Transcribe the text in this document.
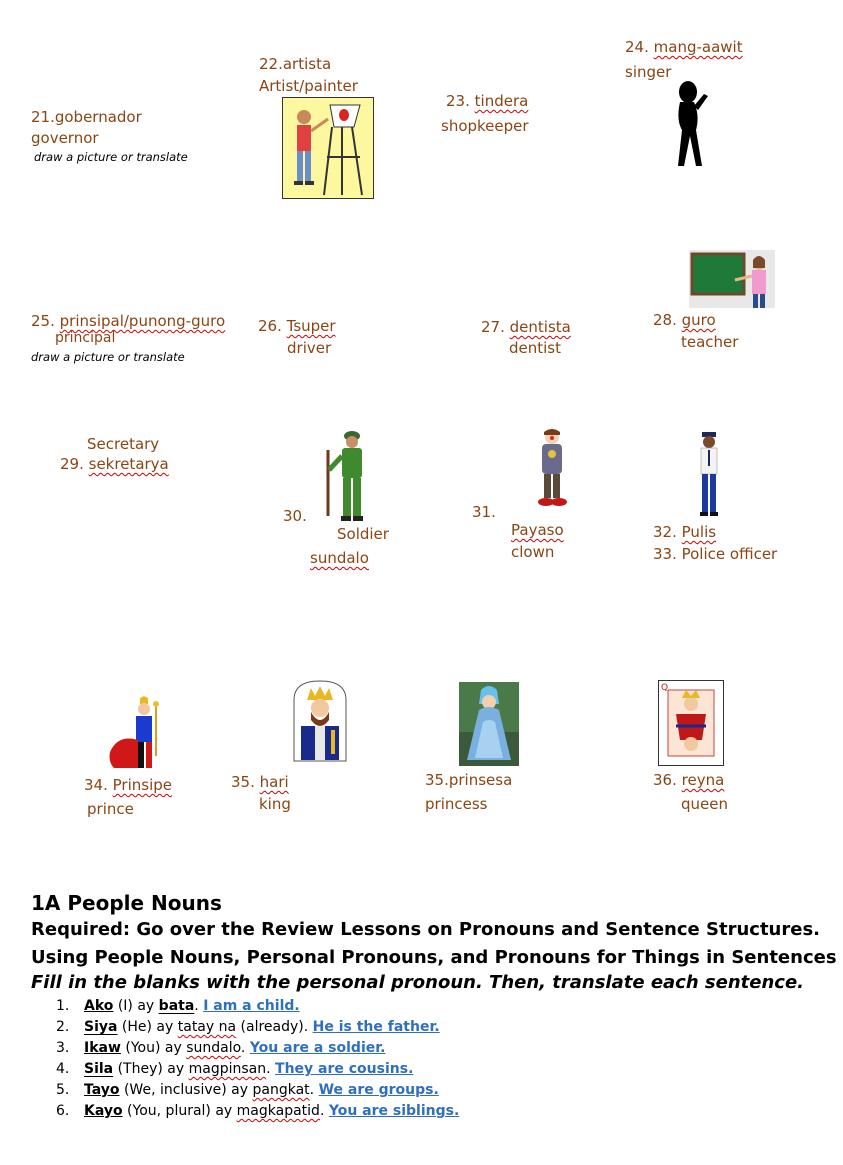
21.gobernador
governor
draw a picture or translate
22.artista
Artist/painter
23. tindera
shopkeeper
24. mang-aawit
singer
25. prinsipal/punong-guro
principal
draw a picture or translate
26. Tsuper
driver
27. dentista
dentist
28. guro
teacher
Secretary
29. sekretarya
30.
Soldier
sundalo
31.
Payaso
clown
32. Pulis
33. Police officer
34. Prinsipe
prince
35. hari
king
35.prinsesa
princess
Q
36. reyna
queen
1A People Nouns
Required: Go over the Review Lessons on Pronouns and Sentence Structures.
Using People Nouns, Personal Pronouns, and Pronouns for Things in Sentences
Fill in the blanks with the personal pronoun. Then, translate each sentence.
1. Ako (I) ay bata. I am a child.
2. Siya (He) ay tatay na (already). He is the father.
3. Ikaw (You) ay sundalo. You are a soldier.
4. Sila (They) ay magpinsan. They are cousins.
5. Tayo (We, inclusive) ay pangkat. We are groups.
6. Kayo (You, plural) ay magkapatid. You are siblings.
